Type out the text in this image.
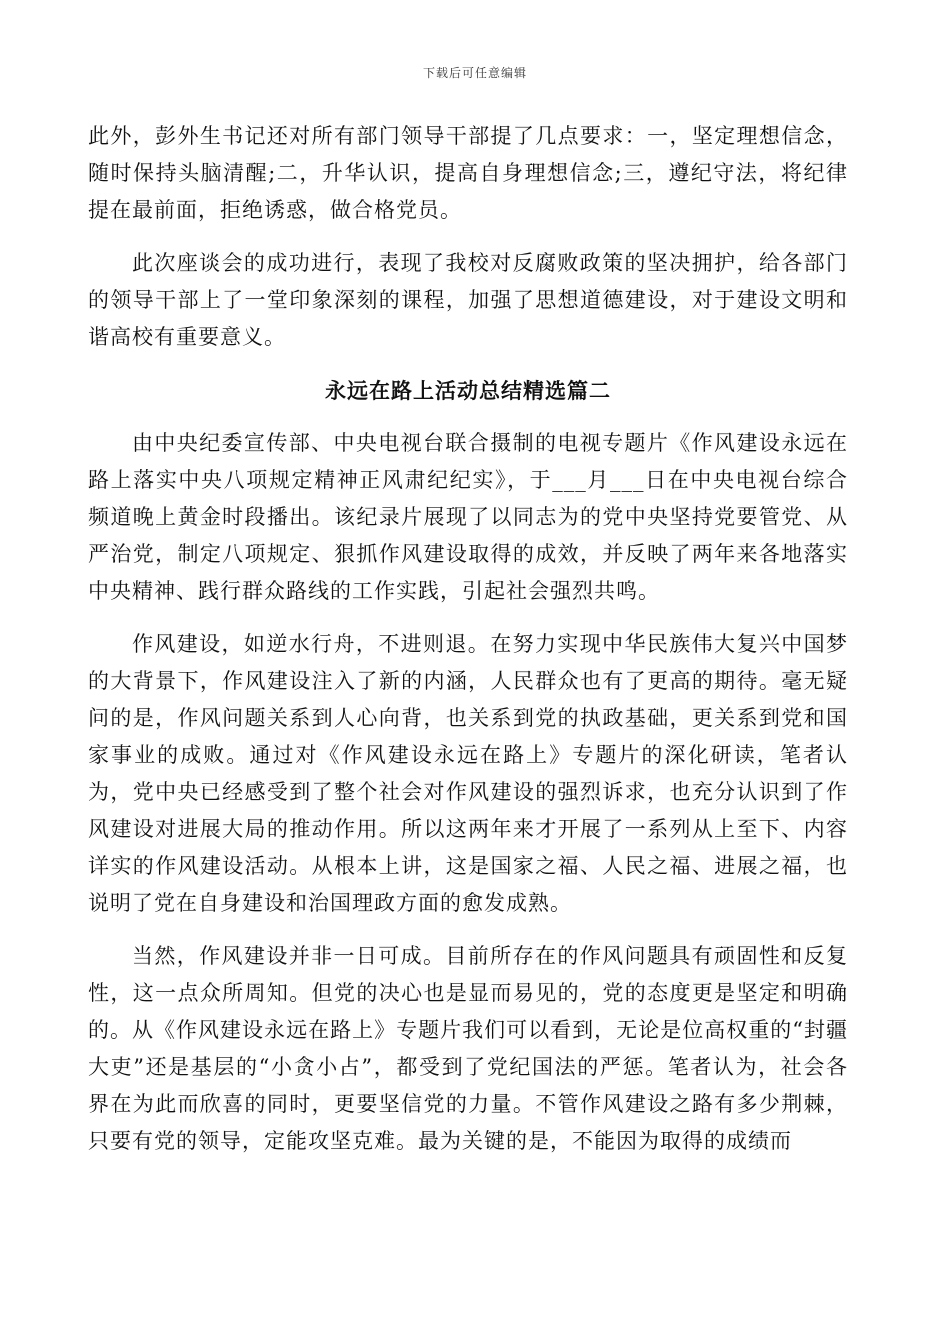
下载后可任意编辑

此外，彭外生书记还对所有部门领导干部提了几点要求：一，坚定理想信念，随时保持头脑清醒;二，升华认识，提高自身理想信念;三，遵纪守法，将纪律提在最前面，拒绝诱惑，做合格党员。

此次座谈会的成功进行，表现了我校对反腐败政策的坚决拥护，给各部门的领导干部上了一堂印象深刻的课程，加强了思想道德建设，对于建设文明和谐高校有重要意义。

永远在路上活动总结精选篇二

由中央纪委宣传部、中央电视台联合摄制的电视专题片《作风建设永远在路上落实中央八项规定精神正风肃纪纪实》，于___月___日在中央电视台综合频道晚上黄金时段播出。该纪录片展现了以同志为的党中央坚持党要管党、从严治党，制定八项规定、狠抓作风建设取得的成效，并反映了两年来各地落实中央精神、践行群众路线的工作实践，引起社会强烈共鸣。

作风建设，如逆水行舟，不进则退。在努力实现中华民族伟大复兴中国梦的大背景下，作风建设注入了新的内涵，人民群众也有了更高的期待。毫无疑问的是，作风问题关系到人心向背，也关系到党的执政基础，更关系到党和国家事业的成败。通过对《作风建设永远在路上》专题片的深化研读，笔者认为，党中央已经感受到了整个社会对作风建设的强烈诉求，也充分认识到了作风建设对进展大局的推动作用。所以这两年来才开展了一系列从上至下、内容详实的作风建设活动。从根本上讲，这是国家之福、人民之福、进展之福，也说明了党在自身建设和治国理政方面的愈发成熟。

当然，作风建设并非一日可成。目前所存在的作风问题具有顽固性和反复性，这一点众所周知。但党的决心也是显而易见的，党的态度更是坚定和明确的。从《作风建设永远在路上》专题片我们可以看到，无论是位高权重的“封疆大吏”还是基层的“小贪小占”，都受到了党纪国法的严惩。笔者认为，社会各界在为此而欣喜的同时，更要坚信党的力量。不管作风建设之路有多少荆棘，只要有党的领导，定能攻坚克难。最为关键的是，不能因为取得的成绩而
